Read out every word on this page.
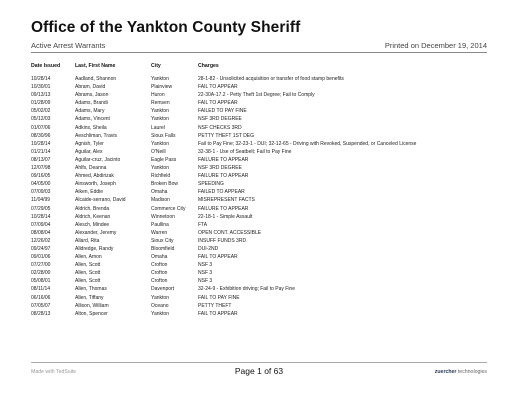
Office of the Yankton County Sheriff
Active Arrest Warrants	Printed on December 19, 2014
Date Issued	Last, First Name	City	Charges
10/28/14	Aadland, Shannon	Yankton	28-1-82 - Unsolicited acquisition or transfer of food stamp benefits
10/30/01	Abram, David	Plainview	FAIL TO APPEAR
09/13/13	Abrams, Jason	Huron	22-30A-17.2 - Petty Theft 1st Degree; Fail to Comply
01/28/09	Adams, Brandi	Remsen	FAIL TO APPEAR
05/02/02	Adams, Mary	Yankton	FAILED TO PAY FINE
05/12/03	Adams, Vincent	Yankton	NSF 3RD DEGREE
01/07/06	Adkins, Sheila	Laurel	NSF CHECKS 3RD
08/30/96	Aeschliman, Travis	Sioux Falls	PETTY THEFT 1ST DEG
10/28/14	Agnish, Tyler	Yankton	Fail to Pay Fine; 32-23-1 - DUI; 32-12-65 - Driving with Revoked, Suspended, or Canceled License
01/21/14	Aguilar, Alex	O'Neill	32-38-1 - Use of Seatbelt; Fail to Pay Fine
08/13/07	Aguilar-cruz, Jacinto	Eagle Pass	FAILURE TO APPEAR
12/07/98	Ahlfs, Deanna	Yankton	NSF 3RD DEGREE
09/16/05	Ahmed, Abdirizak	Richfield	FAILURE TO APPEAR
04/05/00	Ainsworth, Joseph	Broken Bow	SPEEDING
07/09/03	Aiken, Eddie	Omaha	FAILED TO APPEAR
11/04/99	Alcaide-serrano, David	Madison	MISREPRESENT FACTS
07/29/05	Aldrich, Brenda	Commerce City	FAILURE TO APPEAR
10/28/14	Aldrich, Keenan	Winnetoon	22-18-1 - Simple Assault
07/09/04	Alesch, Mindee	Paullina	FTA
08/08/04	Alexander, Jeremy	Warren	OPEN CONT. ACCESSIBLE
12/26/02	Allard, Rita	Sioux City	INSUFF FUNDS 3RD
09/24/97	Alldredge, Randy	Bloomfield	DUI-2ND
09/01/06	Allen, Amon	Omaha	FAIL TO APPEAR
07/27/00	Allen, Scott	Crofton	NSF 3
02/28/00	Allen, Scott	Crofton	NSF 3
05/08/01	Allen, Scott	Crofton	NSF 3
08/11/14	Allen, Thomas	Davenport	32-24-9 - Exhibition driving; Fail to Pay Fine
06/16/06	Allen, Tiffany	Yankton	FAIL TO PAY FINE
07/05/07	Allison, William	Oceano	PETTY THEFT
08/28/13	Alton, Spencer	Yankton	FAIL TO APPEAR
Made with TedSuite	Page 1 of 63	zuercher technologies
